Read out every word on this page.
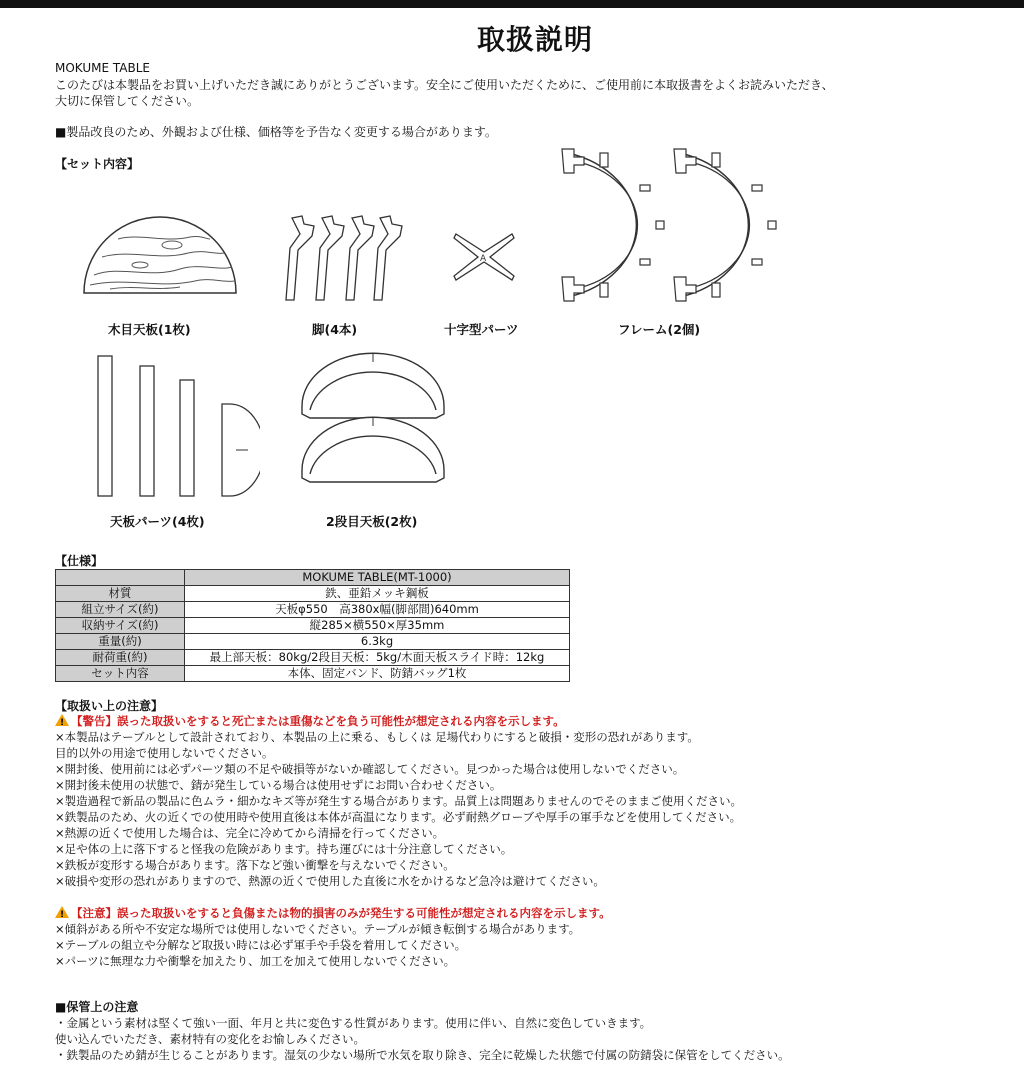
取扱説明
MOKUME TABLE
このたびは本製品をお買い上げいただき誠にありがとうございます。安全にご使用いただくために、ご使用前に本取扱書をよくお読みいただき、
大切に保管してください。
■製品改良のため、外観および仕様、価格等を予告なく変更する場合があります。
【セット内容】
木目天板(1枚)	脚(4本)
A
十字型パーツ	フレーム(2個)
天板パーツ(4枚)	2段目天板(2枚)
【仕様】
	MOKUME TABLE(MT-1000)
材質	鉄、亜鉛メッキ鋼板
組立サイズ(約)	天板φ550　高380x幅(脚部間)640mm
収納サイズ(約)	縦285×横550×厚35mm
重量(約)	6.3kg
耐荷重(約)	最上部天板：80kg/2段目天板：5kg/木面天板スライド時：12kg
セット内容	本体、固定バンド、防錆バッグ1枚
【取扱い上の注意】
!【警告】誤った取扱いをすると死亡または重傷などを負う可能性が想定される内容を示します。
×本製品はテーブルとして設計されており、本製品の上に乗る、もしくは 足場代わりにすると破損・変形の恐れがあります。
目的以外の用途で使用しないでください。
×開封後、使用前には必ずパーツ類の不足や破損等がないか確認してください。見つかった場合は使用しないでください。
×開封後未使用の状態で、錆が発生している場合は使用せずにお問い合わせください。
×製造過程で新品の製品に色ムラ・細かなキズ等が発生する場合があります。品質上は問題ありませんのでそのままご使用ください。
×鉄製品のため、火の近くでの使用時や使用直後は本体が高温になります。必ず耐熱グローブや厚手の軍手などを使用してください。
×熱源の近くで使用した場合は、完全に冷めてから清掃を行ってください。
×足や体の上に落下すると怪我の危険があります。持ち運びには十分注意してください。
×鉄板が変形する場合があります。落下など強い衝撃を与えないでください。
×破損や変形の恐れがありますので、熱源の近くで使用した直後に水をかけるなど急冷は避けてください。
!【注意】誤った取扱いをすると負傷または物的損害のみが発生する可能性が想定される内容を示します。
×傾斜がある所や不安定な場所では使用しないでください。テーブルが傾き転倒する場合があります。
×テーブルの組立や分解など取扱い時には必ず軍手や手袋を着用してください。
×パーツに無理な力や衝撃を加えたり、加工を加えて使用しないでください。
■保管上の注意
・金属という素材は堅くて強い一面、年月と共に変色する性質があります。使用に伴い、自然に変色していきます。
使い込んでいただき、素材特有の変化をお愉しみください。
・鉄製品のため錆が生じることがあります。湿気の少ない場所で水気を取り除き、完全に乾燥した状態で付属の防錆袋に保管をしてください。
